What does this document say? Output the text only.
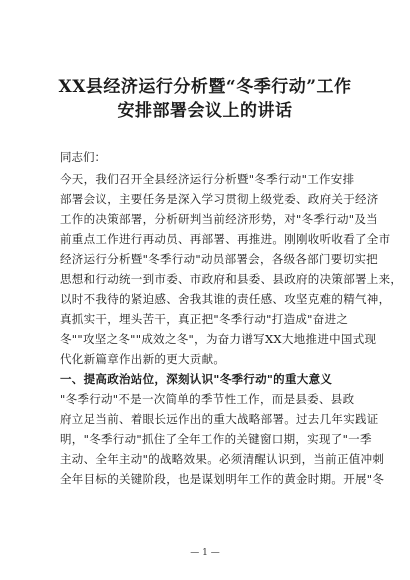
XX县经济运行分析暨“冬季行动”工作
安排部署会议上的讲话
同志们：
今天，我们召开全县经济运行分析暨"冬季行动"工作安排
部署会议，主要任务是深入学习贯彻上级党委、政府关于经济
工作的决策部署，分析研判当前经济形势，对"冬季行动"及当
前重点工作进行再动员、再部署、再推进。刚刚收听收看了全市
经济运行分析暨"冬季行动"动员部署会，各级各部门要切实把
思想和行动统一到市委、市政府和县委、县政府的决策部署上来，
以时不我待的紧迫感、舍我其谁的责任感、攻坚克难的精气神，
真抓实干，埋头苦干，真正把"冬季行动"打造成"奋进之
冬""攻坚之冬""成效之冬"，为奋力谱写XX大地推进中国式现
代化新篇章作出新的更大贡献。
一、提高政治站位，深刻认识"冬季行动"的重大意义
"冬季行动"不是一次简单的季节性工作，而是县委、县政
府立足当前、着眼长远作出的重大战略部署。过去几年实践证
明，"冬季行动"抓住了全年工作的关键窗口期，实现了"一季
主动、全年主动"的战略效果。必须清醒认识到，当前正值冲刺
全年目标的关键阶段，也是谋划明年工作的黄金时期。开展"冬
— 1 —
